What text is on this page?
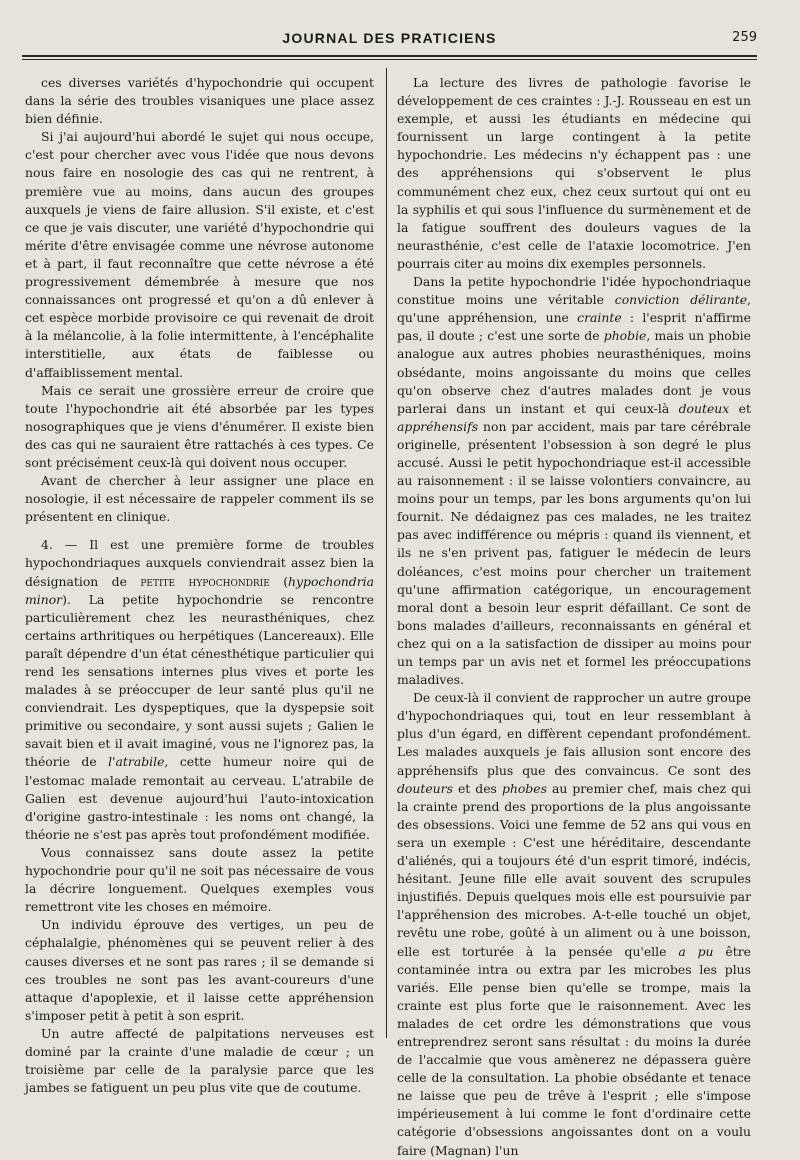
JOURNAL DES PRATICIENS	259

ces diverses variétés d'hypochondrie qui occupent dans la série des troubles visaniques une place assez bien définie.

Si j'ai aujourd'hui abordé le sujet qui nous occupe, c'est pour chercher avec vous l'idée que nous devons nous faire en nosologie des cas qui ne rentrent, à première vue au moins, dans aucun des groupes auxquels je viens de faire allusion. S'il existe, et c'est ce que je vais discuter, une variété d'hypochondrie qui mérite d'être envisagée comme une névrose autonome et à part, il faut reconnaître que cette névrose a été progressivement démembrée à mesure que nos connaissances ont progressé et qu'on a dû enlever à cet espèce morbide provisoire ce qui revenait de droit à la mélancolie, à la folie intermittente, à l'encéphalite interstitielle, aux états de faiblesse ou d'affaiblissement mental.

Mais ce serait une grossière erreur de croire que toute l'hypochondrie ait été absorbée par les types nosographiques que je viens d'énumérer. Il existe bien des cas qui ne sauraient être rattachés à ces types. Ce sont précisément ceux-là qui doivent nous occuper.

Avant de chercher à leur assigner une place en nosologie, il est nécessaire de rappeler comment ils se présentent en clinique.

4. — Il est une première forme de troubles hypochondriaques auxquels conviendrait assez bien la désignation de petite hypochondrie (hypochondria minor). La petite hypochondrie se rencontre particulièrement chez les neurasthéniques, chez certains arthritiques ou herpétiques (Lancereaux). Elle paraît dépendre d'un état cénesthétique particulier qui rend les sensations internes plus vives et porte les malades à se préoccuper de leur santé plus qu'il ne conviendrait. Les dyspeptiques, que la dyspepsie soit primitive ou secondaire, y sont aussi sujets ; Galien le savait bien et il avait imaginé, vous ne l'ignorez pas, la théorie de l'atrabile, cette humeur noire qui de l'estomac malade remontait au cerveau. L'atrabile de Galien est devenue aujourd'hui l'auto-intoxication d'origine gastro-intestinale : les noms ont changé, la théorie ne s'est pas après tout profondément modifiée.

Vous connaissez sans doute assez la petite hypochondrie pour qu'il ne soit pas nécessaire de vous la décrire longuement. Quelques exemples vous remettront vite les choses en mémoire.

Un individu éprouve des vertiges, un peu de céphalalgie, phénomènes qui se peuvent relier à des causes diverses et ne sont pas rares ; il se demande si ces troubles ne sont pas les avant-coureurs d'une attaque d'apoplexie, et il laisse cette appréhension s'imposer petit à petit à son esprit.

Un autre affecté de palpitations nerveuses est dominé par la crainte d'une maladie de cœur ; un troisième par celle de la paralysie parce que les jambes se fatiguent un peu plus vite que de coutume.

La lecture des livres de pathologie favorise le développement de ces craintes : J.-J. Rousseau en est un exemple, et aussi les étudiants en médecine qui fournissent un large contingent à la petite hypochondrie. Les médecins n'y échappent pas : une des appréhensions qui s'observent le plus communément chez eux, chez ceux surtout qui ont eu la syphilis et qui sous l'influence du surmènement et de la fatigue souffrent des douleurs vagues de la neurasthénie, c'est celle de l'ataxie locomotrice. J'en pourrais citer au moins dix exemples personnels.

Dans la petite hypochondrie l'idée hypochondriaque constitue moins une véritable conviction délirante, qu'une appréhension, une crainte : l'esprit n'affirme pas, il doute ; c'est une sorte de phobie, mais un phobie analogue aux autres phobies neurasthéniques, moins obsédante, moins angoissante du moins que celles qu'on observe chez d'autres malades dont je vous parlerai dans un instant et qui ceux-là douteux et appréhensifs non par accident, mais par tare cérébrale originelle, présentent l'obsession à son degré le plus accusé. Aussi le petit hypochondriaque est-il accessible au raisonnement : il se laisse volontiers convaincre, au moins pour un temps, par les bons arguments qu'on lui fournit. Ne dédaignez pas ces malades, ne les traitez pas avec indifférence ou mépris : quand ils viennent, et ils ne s'en privent pas, fatiguer le médecin de leurs doléances, c'est moins pour chercher un traitement qu'une affirmation catégorique, un encouragement moral dont a besoin leur esprit défaillant. Ce sont de bons malades d'ailleurs, reconnaissants en général et chez qui on a la satisfaction de dissiper au moins pour un temps par un avis net et formel les préoccupations maladives.

De ceux-là il convient de rapprocher un autre groupe d'hypochondriaques qui, tout en leur ressemblant à plus d'un égard, en diffèrent cependant profondément. Les malades auxquels je fais allusion sont encore des appréhensifs plus que des convaincus. Ce sont des douteurs et des phobes au premier chef, mais chez qui la crainte prend des proportions de la plus angoissante des obsessions. Voici une femme de 52 ans qui vous en sera un exemple : C'est une héréditaire, descendante d'aliénés, qui a toujours été d'un esprit timoré, indécis, hésitant. Jeune fille elle avait souvent des scrupules injustifiés. Depuis quelques mois elle est poursuivie par l'appréhension des microbes. A-t-elle touché un objet, revêtu une robe, goûté à un aliment ou à une boisson, elle est torturée à la pensée qu'elle a pu être contaminée intra ou extra par les microbes les plus variés. Elle pense bien qu'elle se trompe, mais la crainte est plus forte que le raisonnement. Avec les malades de cet ordre les démonstrations que vous entreprendrez seront sans résultat : du moins la durée de l'accalmie que vous amènerez ne dépassera guère celle de la consultation. La phobie obsédante et tenace ne laisse que peu de trêve à l'esprit ; elle s'impose impérieusement à lui comme le font d'ordinaire cette catégorie d'obsessions angoissantes dont on a voulu faire (Magnan) l'un
